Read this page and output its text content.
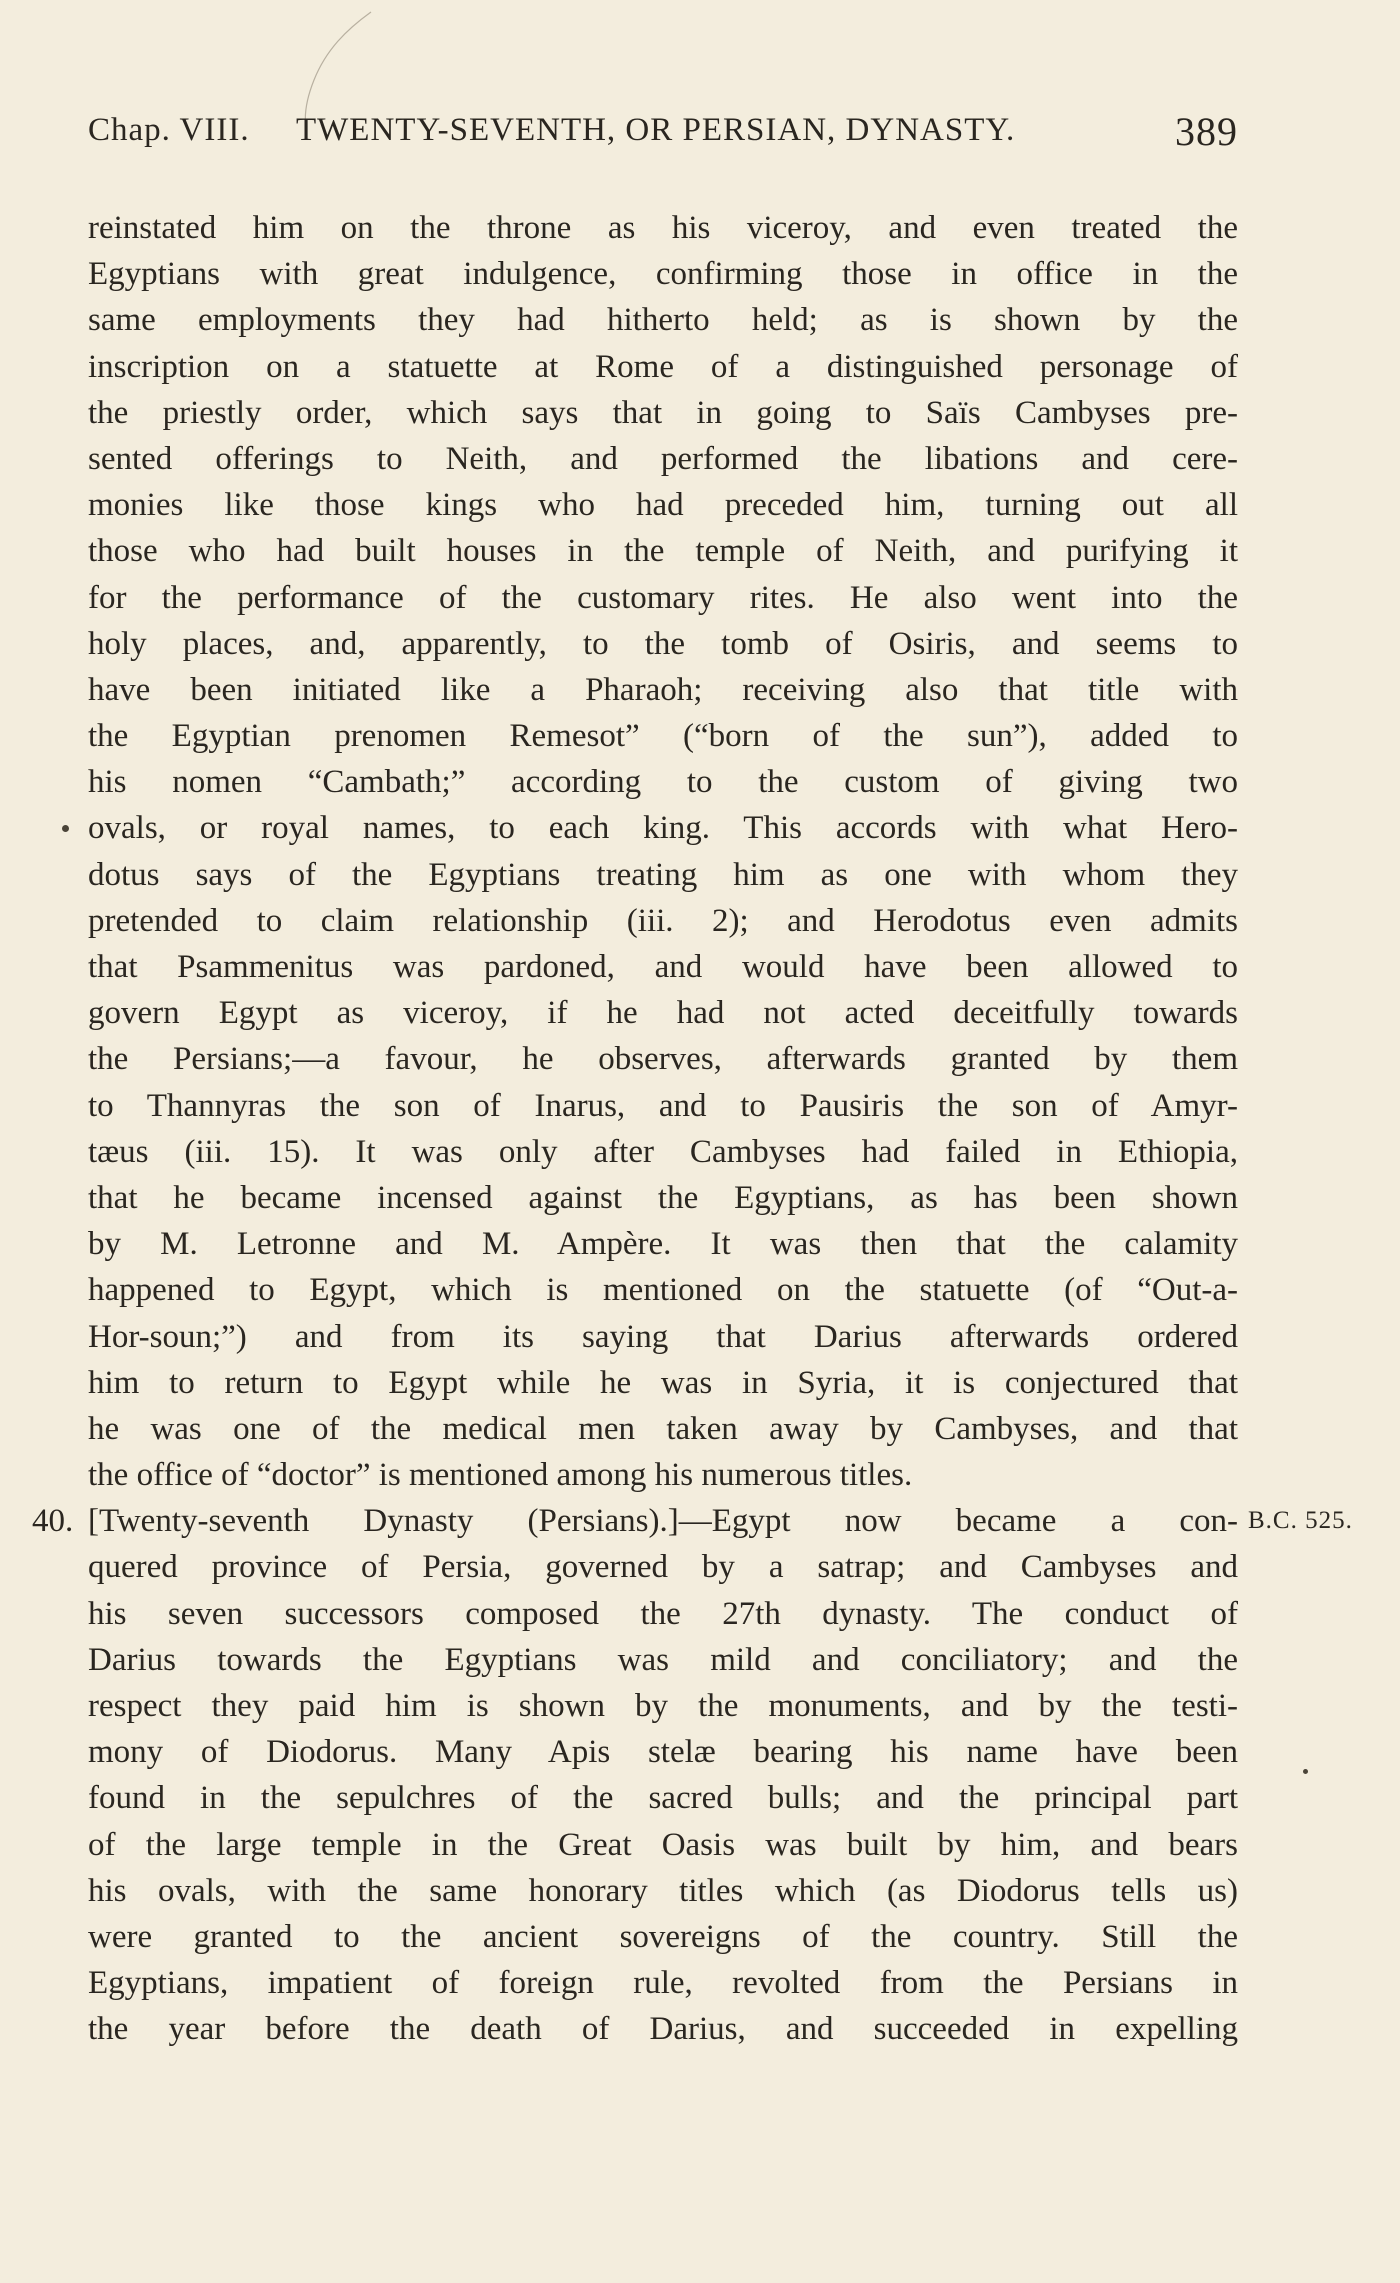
Chap. VIII. TWENTY-SEVENTH, OR PERSIAN, DYNASTY.	389
reinstated him on the throne as his viceroy, and even treated the
Egyptians with great indulgence, confirming those in office in the
same employments they had hitherto held; as is shown by the
inscription on a statuette at Rome of a distinguished personage of
the priestly order, which says that in going to Saïs Cambyses pre-
sented offerings to Neith, and performed the libations and cere-
monies like those kings who had preceded him, turning out all
those who had built houses in the temple of Neith, and purifying it
for the performance of the customary rites. He also went into the
holy places, and, apparently, to the tomb of Osiris, and seems to
have been initiated like a Pharaoh; receiving also that title with
the Egyptian prenomen Remesot” (“born of the sun”), added to
his nomen “Cambath;” according to the custom of giving two
ovals, or royal names, to each king. This accords with what Hero-
dotus says of the Egyptians treating him as one with whom they
pretended to claim relationship (iii. 2); and Herodotus even admits
that Psammenitus was pardoned, and would have been allowed to
govern Egypt as viceroy, if he had not acted deceitfully towards
the Persians;—a favour, he observes, afterwards granted by them
to Thannyras the son of Inarus, and to Pausiris the son of Amyr-
tæus (iii. 15). It was only after Cambyses had failed in Ethiopia,
that he became incensed against the Egyptians, as has been shown
by M. Letronne and M. Ampère. It was then that the calamity
happened to Egypt, which is mentioned on the statuette (of “Out-a-
Hor-soun;”) and from its saying that Darius afterwards ordered
him to return to Egypt while he was in Syria, it is conjectured that
he was one of the medical men taken away by Cambyses, and that
the office of “doctor” is mentioned among his numerous titles.
40. [Twenty-seventh Dynasty (Persians).]—Egypt now became a con- B.C. 525.
quered province of Persia, governed by a satrap; and Cambyses and
his seven successors composed the 27th dynasty. The conduct of
Darius towards the Egyptians was mild and conciliatory; and the
respect they paid him is shown by the monuments, and by the testi-
mony of Diodorus. Many Apis stelæ bearing his name have been
found in the sepulchres of the sacred bulls; and the principal part
of the large temple in the Great Oasis was built by him, and bears
his ovals, with the same honorary titles which (as Diodorus tells us)
were granted to the ancient sovereigns of the country. Still the
Egyptians, impatient of foreign rule, revolted from the Persians in
the year before the death of Darius, and succeeded in expelling
